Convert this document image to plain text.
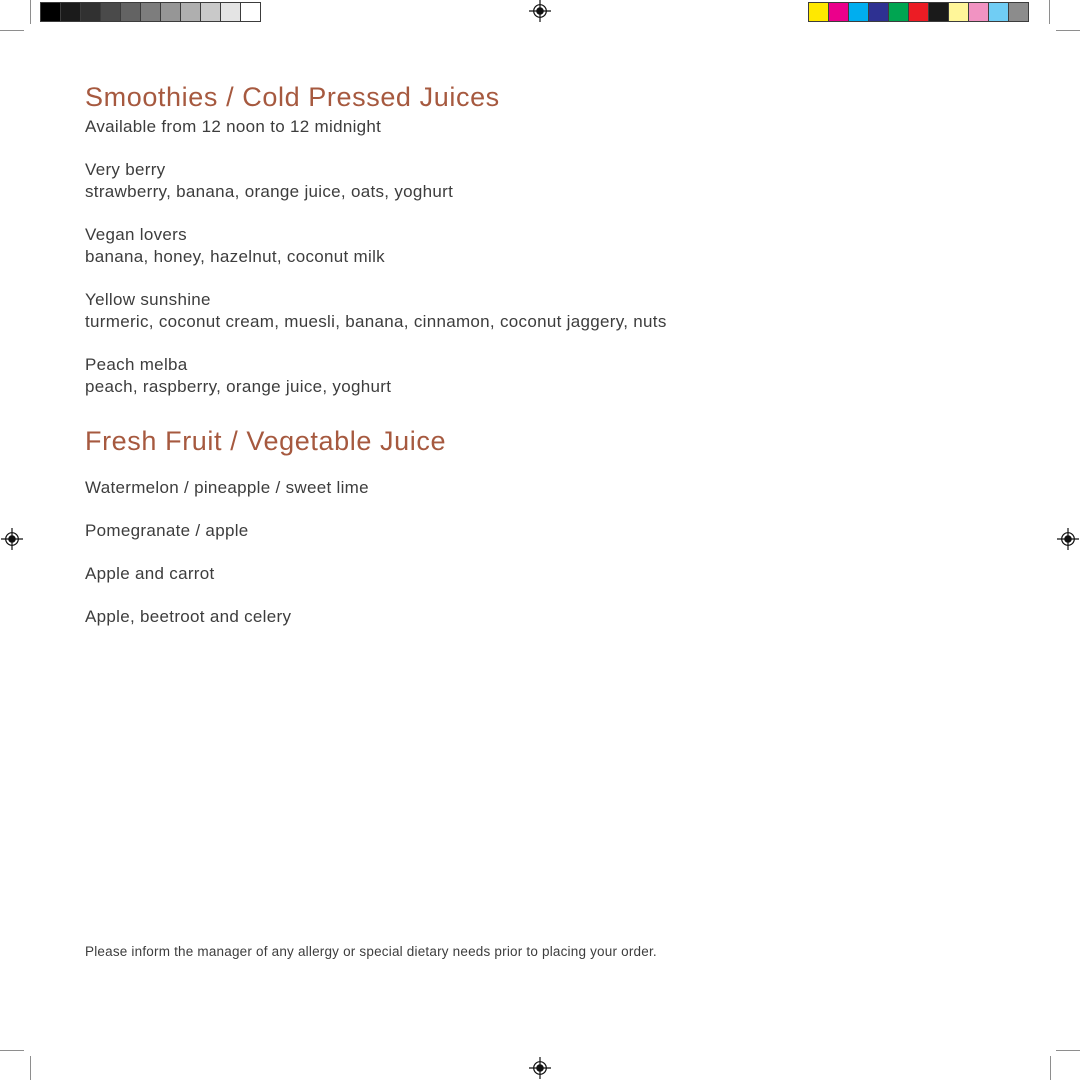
Smoothies / Cold Pressed Juices
Available from 12 noon to 12 midnight
Very berry
strawberry, banana, orange juice, oats, yoghurt
Vegan lovers
banana, honey, hazelnut, coconut milk
Yellow sunshine
turmeric, coconut cream, muesli, banana, cinnamon, coconut jaggery, nuts
Peach melba
peach, raspberry, orange juice, yoghurt
Fresh Fruit / Vegetable Juice
Watermelon / pineapple / sweet lime
Pomegranate / apple
Apple and carrot
Apple, beetroot and celery
Please inform the manager of any allergy or special dietary needs prior to placing your order.
